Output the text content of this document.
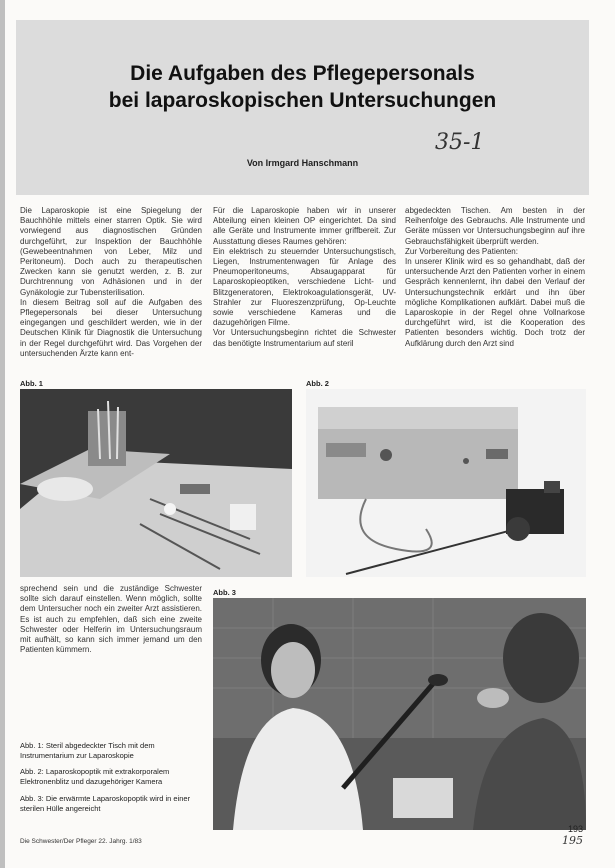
Die Aufgaben des Pflegepersonals
bei laparoskopischen Untersuchungen
35-1
Von Irmgard Hanschmann
Die Laparoskopie ist eine Spiegelung der Bauchhöhle mittels einer starren Optik. Sie wird vorwiegend aus diagnostischen Gründen durchgeführt, zur Inspektion der Bauchhöhle (Gewebeentnahmen von Leber, Milz und Peritoneum). Doch auch zu therapeutischen Zwecken kann sie genutzt werden, z. B. zur Durchtrennung von Adhäsionen und in der Gynäkologie zur Tubensterilisation.
In diesem Beitrag soll auf die Aufgaben des Pflegepersonals bei dieser Untersuchung eingegangen und geschildert werden, wie in der Deutschen Klinik für Diagnostik die Untersuchung in der Regel durchgeführt wird. Das Vorgehen der untersuchenden Ärzte kann ent-
Für die Laparoskopie haben wir in unserer Abteilung einen kleinen OP eingerichtet. Da sind alle Geräte und Instrumente immer griffbereit. Zur Ausstattung dieses Raumes gehören:
Ein elektrisch zu steuernder Untersuchungstisch, Liegen, Instrumentenwagen für Anlage des Pneumoperitoneums, Absaugapparat für Laparoskopieoptiken, verschiedene Licht- und Blitzgeneratoren, Elektrokoagulationsgerät, UV-Strahler zur Fluoreszenzprüfung, Op-Leuchte sowie verschiedene Kameras und die dazugehörigen Filme.
Vor Untersuchungsbeginn richtet die Schwester das benötigte Instrumentarium auf steril
abgedeckten Tischen. Am besten in der Reihenfolge des Gebrauchs. Alle Instrumente und Geräte müssen vor Untersuchungsbeginn auf ihre Gebrauchsfähigkeit überprüft werden.
Zur Vorbereitung des Patienten:
In unserer Klinik wird es so gehandhabt, daß der untersuchende Arzt den Patienten vorher in einem Gespräch kennenlernt, ihn dabei den Verlauf der Untersuchungstechnik erklärt und ihn über mögliche Komplikationen aufklärt. Dabei muß die Laparoskopie in der Regel ohne Vollnarkose durchgeführt wird, ist die Kooperation des Patienten besonders wichtig. Doch trotz der Aufklärung durch den Arzt sind
Abb. 1	Abb. 2
Abb. 3
sprechend sein und die zuständige Schwester sollte sich darauf einstellen. Wenn möglich, sollte dem Untersucher noch ein zweiter Arzt assistieren. Es ist auch zu empfehlen, daß sich eine zweite Schwester oder Helferin im Untersuchungsraum mit aufhält, so kann sich immer jemand um den Patienten kümmern.
Abb. 1: Steril abgedeckter Tisch mit dem Instrumentarium zur Laparoskopie
Abb. 2: Laparoskopoptik mit extrakorporalem Elektronenblitz und dazugehöriger Kamera
Abb. 3: Die erwärmte Laparoskopoptik wird in einer sterilen Hülle angereicht
Die Schwester/Der Pfleger 22. Jahrg. 1/83
193
195
